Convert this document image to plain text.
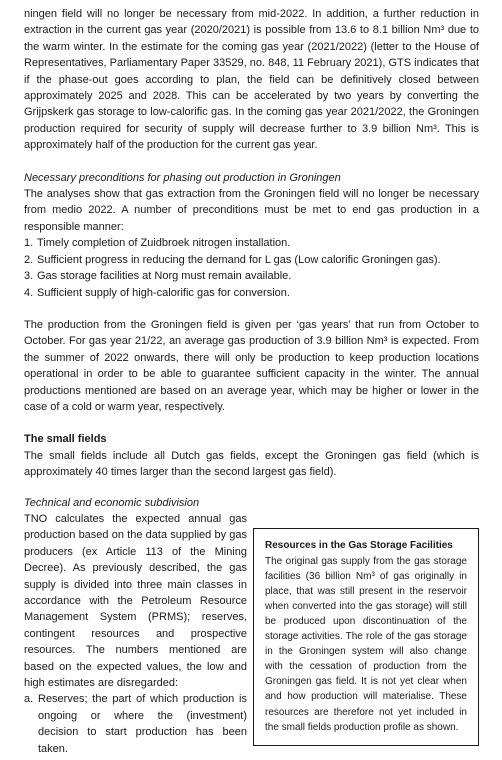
ningen field will no longer be necessary from mid-2022. In addition, a further reduction in extraction in the current gas year (2020/2021) is possible from 13.6 to 8.1 billion Nm³ due to the warm winter. In the estimate for the coming gas year (2021/2022) (letter to the House of Representatives, Parliamentary Paper 33529, no. 848, 11 February 2021), GTS indicates that if the phase-out goes according to plan, the field can be definitively closed between approximately 2025 and 2028. This can be accelerated by two years by converting the Grijpskerk gas storage to low-calorific gas. In the coming gas year 2021/2022, the Groningen production required for security of supply will decrease further to 3.9 billion Nm³. This is approximately half of the production for the current gas year.

Necessary preconditions for phasing out production in Groningen

The analyses show that gas extraction from the Groningen field will no longer be necessary from medio 2022. A number of preconditions must be met to end gas production in a responsible manner:

1. Timely completion of Zuidbroek nitrogen installation.
2. Sufficient progress in reducing the demand for L gas (Low calorific Groningen gas).
3. Gas storage facilities at Norg must remain available.
4. Sufficient supply of high-calorific gas for conversion.

The production from the Groningen field is given per ‘gas years’ that run from October to October. For gas year 21/22, an average gas production of 3.9 billion Nm³ is expected. From the summer of 2022 onwards, there will only be production to keep production locations operational in order to be able to guarantee sufficient capacity in the winter. The annual productions mentioned are based on an average year, which may be higher or lower in the case of a cold or warm year, respectively.

The small fields

The small fields include all Dutch gas fields, except the Groningen gas field (which is approximately 40 times larger than the second largest gas field).

Technical and economic subdivision

TNO calculates the expected annual gas production based on the data supplied by gas producers (ex Article 113 of the Mining Decree). As previously described, the gas supply is divided into three main classes in accordance with the Petroleum Resource Management System (PRMS); reserves, contingent resources and prospective resources. The numbers mentioned are based on the expected values, the low and high estimates are disregarded:

a. Reserves; the part of which production is ongoing or where the (investment) decision to start production has been taken.
Resources in the Gas Storage Facilities

The original gas supply from the gas storage facilities (36 billion Nm³ of gas originally in place, that was still present in the reservoir when converted into the gas storage) will still be produced upon discontinuation of the storage activities. The role of the gas storage in the Groningen system will also change with the cessation of production from the Groningen gas field. It is not yet clear when and how production will materialise. These resources are therefore not yet included in the small fields production profile as shown.
